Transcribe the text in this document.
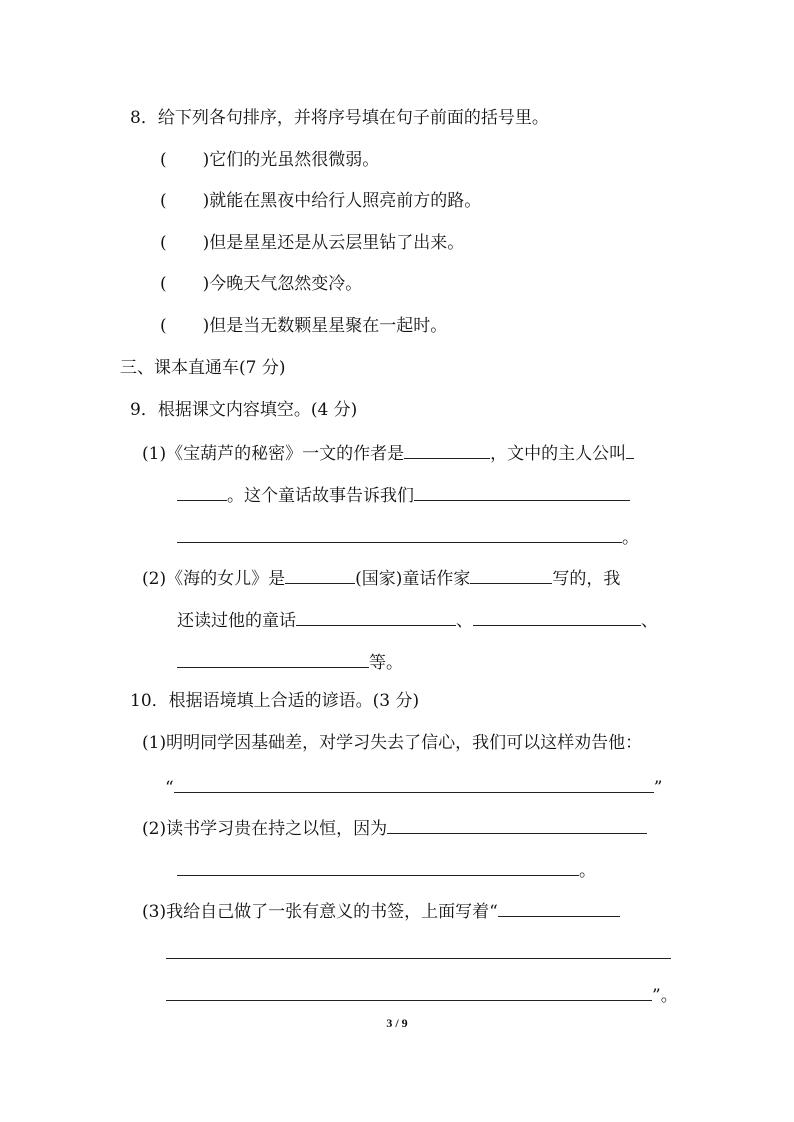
8．给下列各句排序，并将序号填在句子前面的括号里。
( )它们的光虽然很微弱。
( )就能在黑夜中给行人照亮前方的路。
( )但是星星还是从云层里钻了出来。
( )今晚天气忽然变冷。
( )但是当无数颗星星聚在一起时。
三、课本直通车(7 分)
9．根据课文内容填空。(4 分)
(1)《宝葫芦的秘密》一文的作者是	，文中的主人公叫
。这个童话故事告诉我们
。
(2)《海的女儿》是	(国家)童话作家	写的，我
还读过他的童话	、	、
等。
10．根据语境填上合适的谚语。(3 分)
(1)明明同学因基础差，对学习失去了信心，我们可以这样劝告他：
“	”
(2)读书学习贵在持之以恒，因为
。
(3)我给自己做了一张有意义的书签，上面写着“
”。
3 / 9
